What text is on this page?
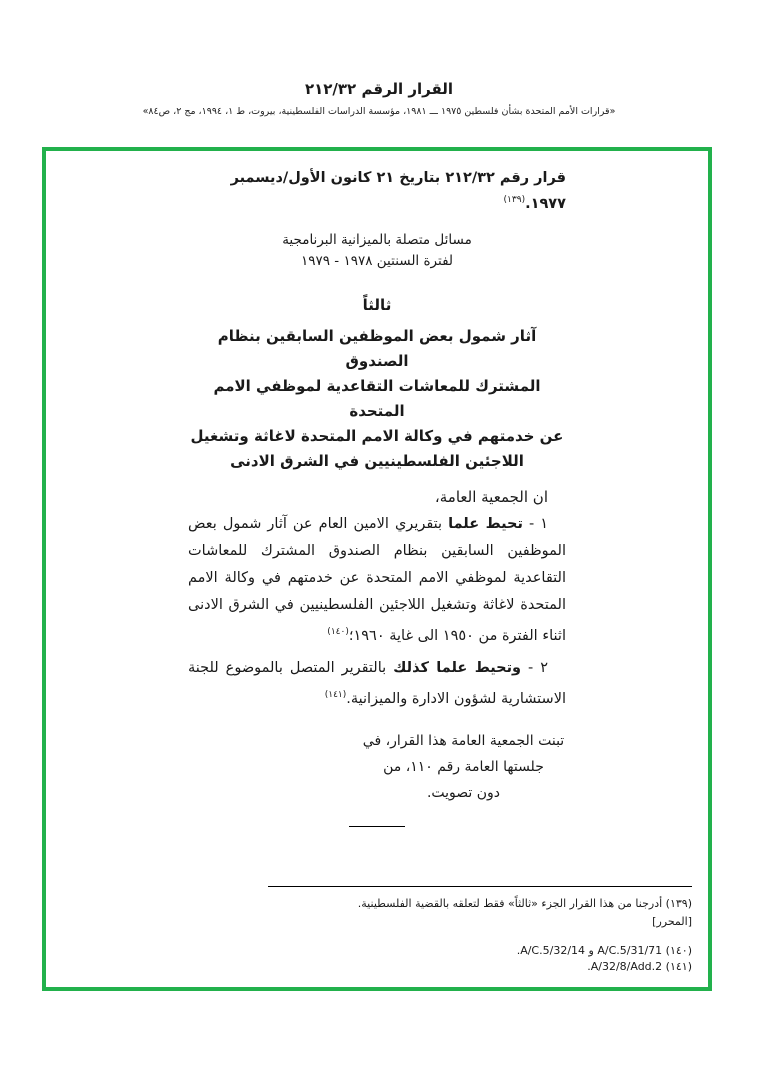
القرار الرقم ٢١٢/٣٢
«قرارات الأمم المتحدة بشأن فلسطين ١٩٧٥ ـــ ١٩٨١، مؤسسة الدراسات الفلسطينية، بيروت، ط ١، ١٩٩٤، مج ٢، ص٨٤»

قرار رقم ٢١٢/٣٢ بتاريخ ٢١ كانون الأول/ديسمبر ١٩٧٧.$^{(١٣٩)}$

مسائل متصلة بالميزانية البرنامجية

لفترة السنتين ١٩٧٨ - ١٩٧٩

ثالثاً

آثار شمول بعض الموظفين السابقين بنظام الصندوق

المشترك للمعاشات التقاعدية لموظفي الامم المتحدة

عن خدمتهم في وكالة الامم المتحدة لاغاثة وتشغيل

اللاجئين الفلسطينيين في الشرق الادنى

ان الجمعية العامة،

١ - تحيط علما بتقريري الامين العام عن آثار شمول بعض الموظفين السابقين بنظام الصندوق المشترك للمعاشات التقاعدية لموظفي الامم المتحدة عن خدمتهم في وكالة الامم المتحدة لاغاثة وتشغيل اللاجئين الفلسطينيين في الشرق الادنى اثناء الفترة من ١٩٥٠ الى غاية ١٩٦٠؛$^{(١٤٠)}$

٢ - وتحيط علما كذلك بالتقرير المتصل بالموضوع للجنة الاستشارية لشؤون الادارة والميزانية.$^{(١٤١)}$

تبنت الجمعية العامة هذا القرار، في

جلستها العامة رقم ١١٠، من

دون تصويت.

(١٣٩) أدرجنا من هذا القرار الجزء «ثالثاً» فقط لتعلقه بالقضية الفلسطينية.

[المحرر]

(١٤٠) A/C.5/31/71 و A/C.5/32/14.

(١٤١) A/32/8/Add.2.
